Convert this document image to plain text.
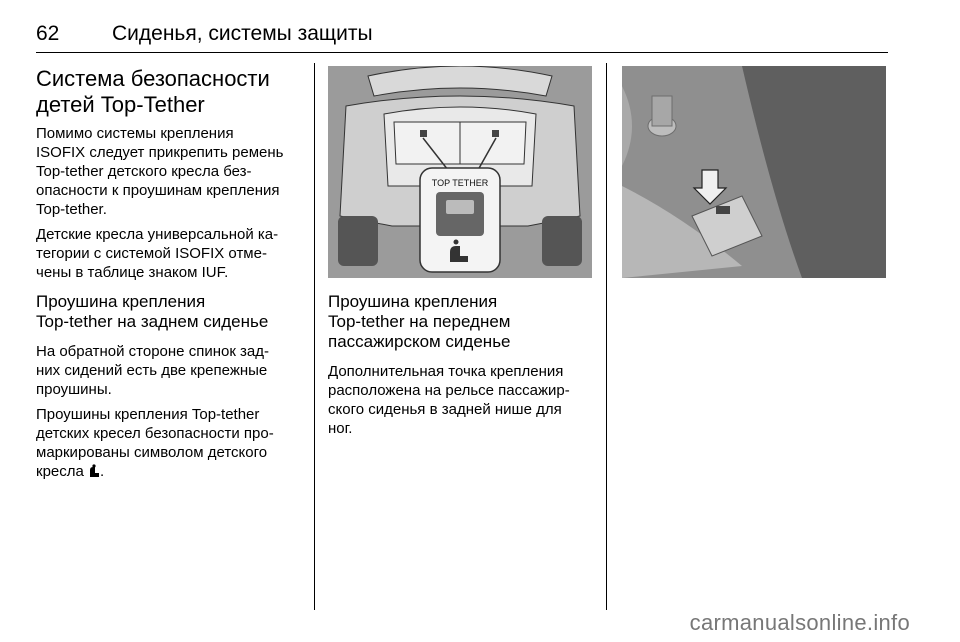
62	Сиденья, системы защиты
Система безопасности
детей Top-Tether

Помимо системы крепления
ISOFIX следует прикрепить ремень
Top-tether детского кресла без-
опасности к проушинам крепления
Top-tether.

Детские кресла универсальной ка-
тегории с системой ISOFIX отме-
чены в таблице знаком IUF.

Проушина крепления
Top-tether на заднем сиденье

На обратной стороне спинок зад-
них сидений есть две крепежные
проушины.

Проушины крепления Top-tether
детских кресел безопасности про-
маркированы символом детского
кресла .

TOP TETHER
Проушина крепления
Top-tether на переднем
пассажирском сиденье

Дополнительная точка крепления
расположена на рельсе пассажир-
ского сиденья в задней нише для
ног.

carmanualsonline.info
